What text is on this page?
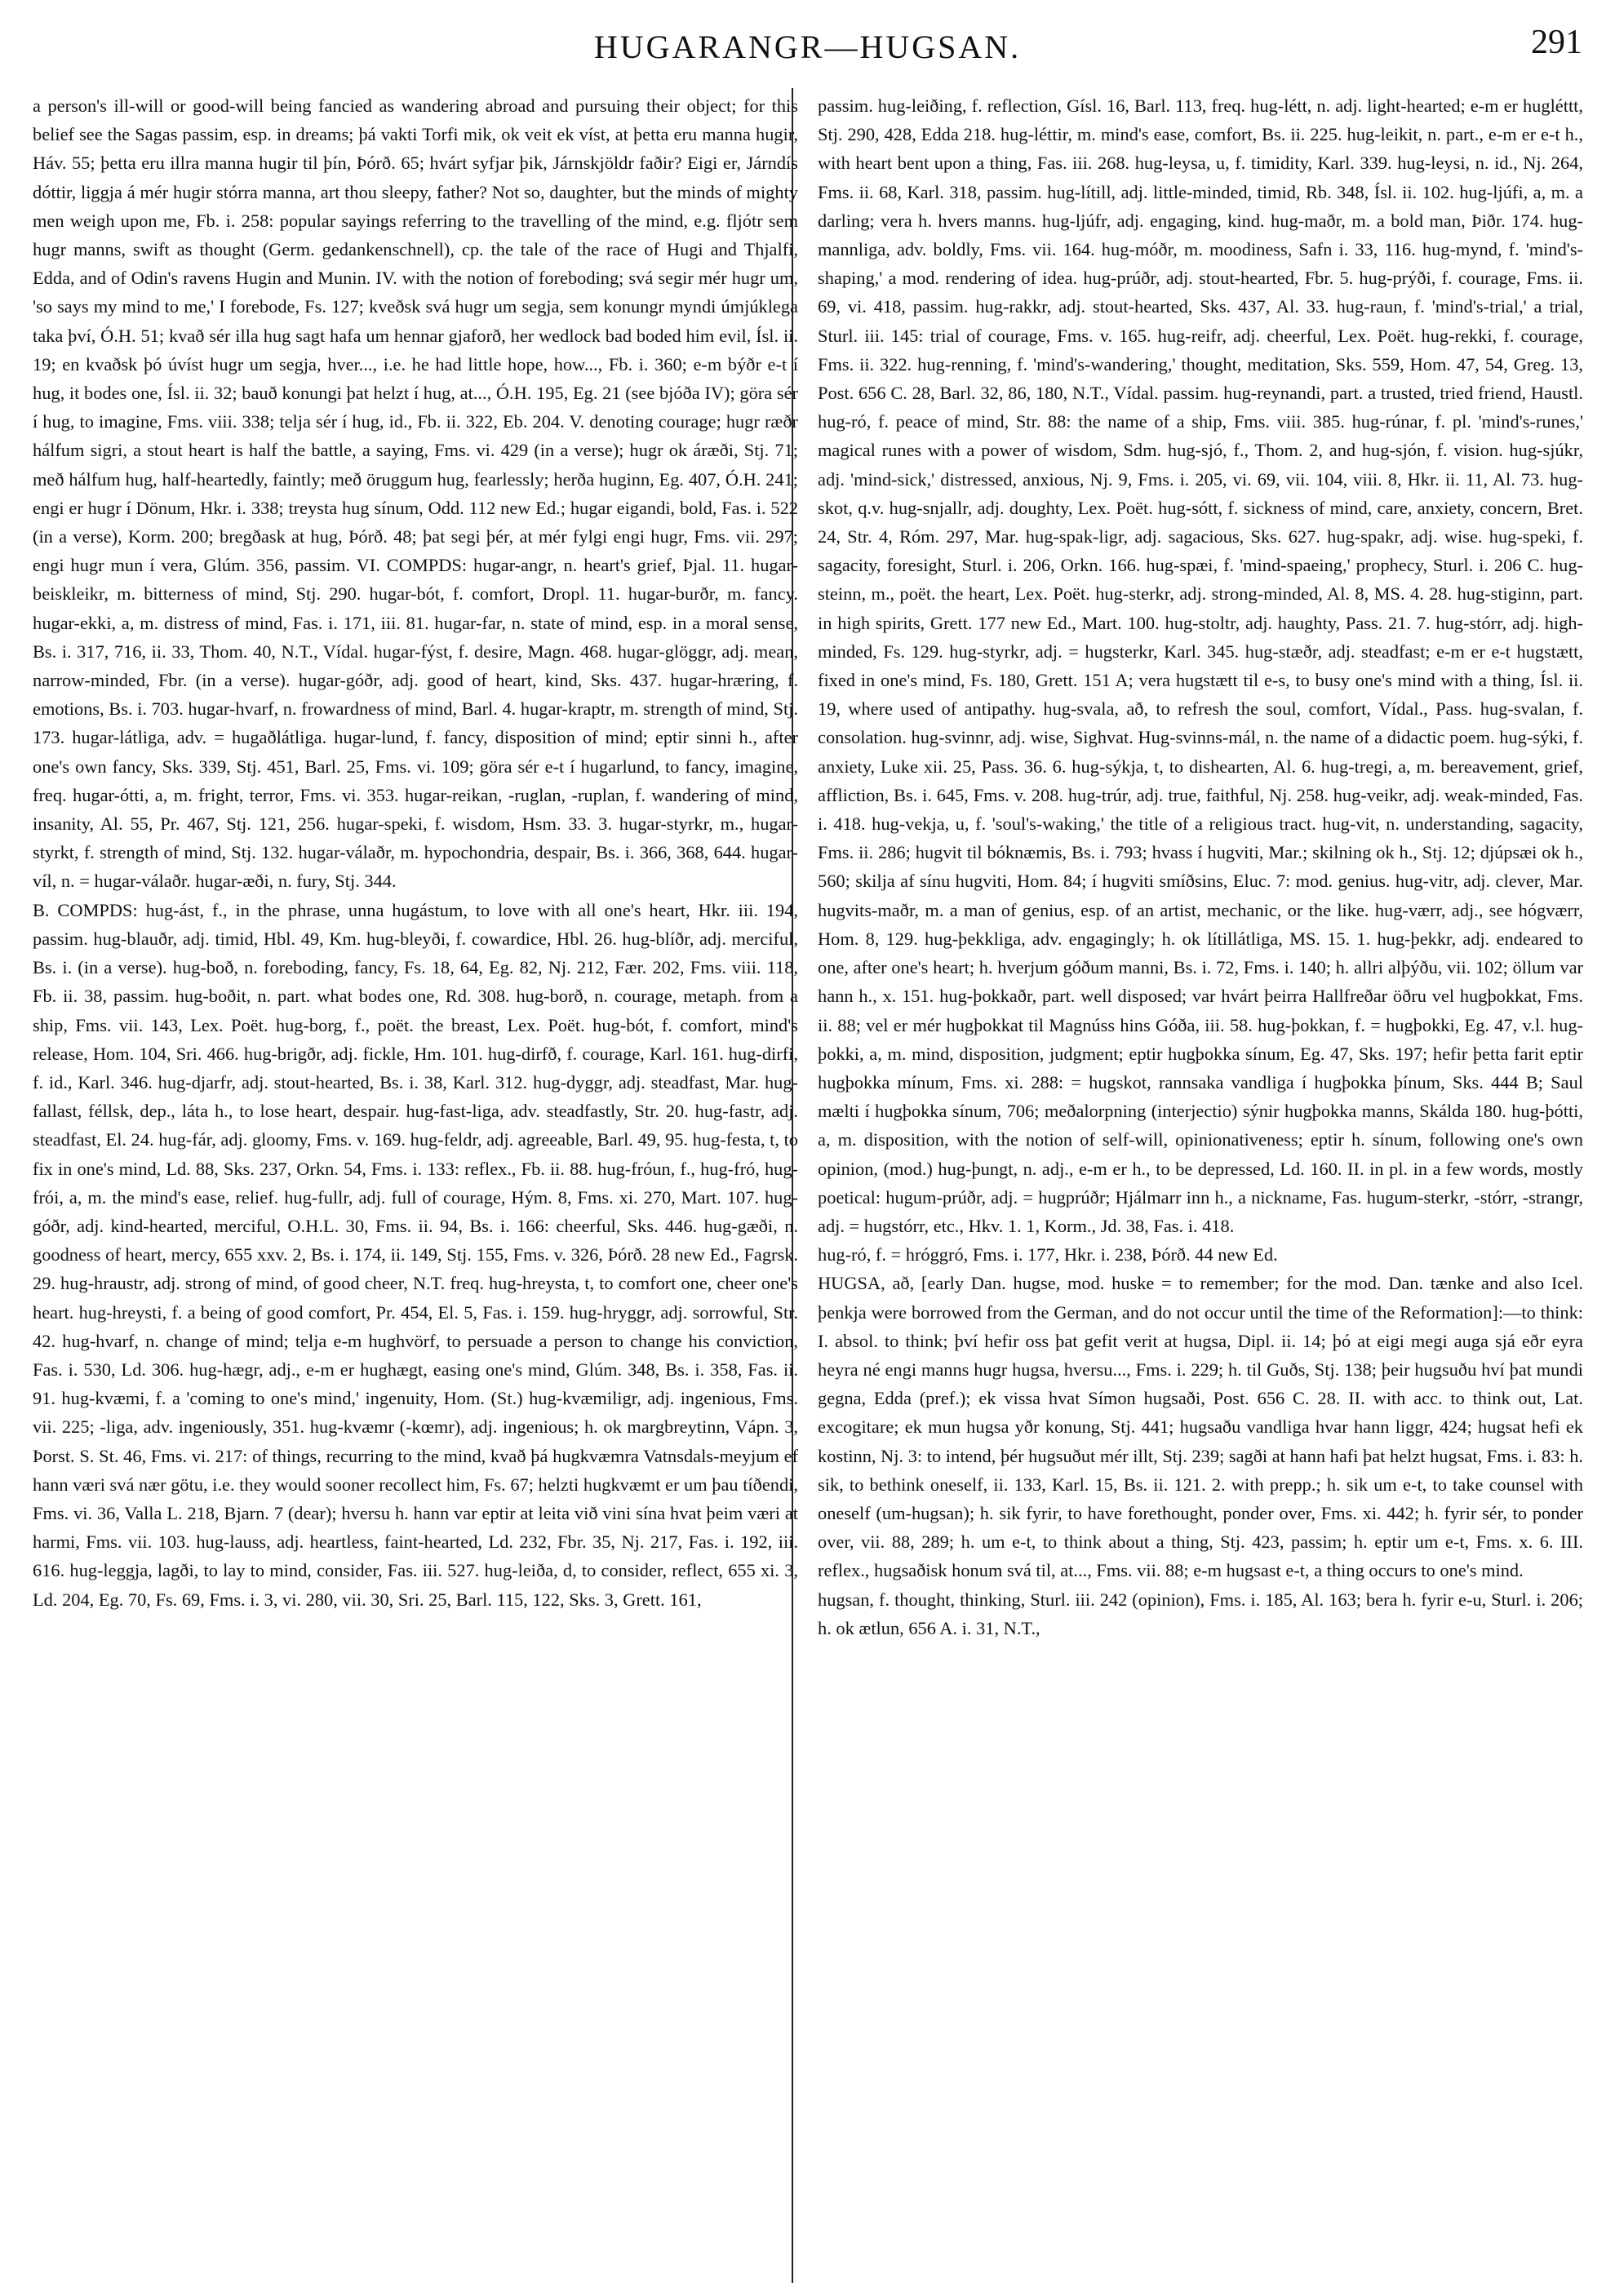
HUGARANGR—HUGSAN.	291

a person's ill-will or good-will being fancied as wandering abroad and pursuing their object; for this belief see the Sagas passim, esp. in dreams; þá vakti Torfi mik, ok veit ek víst, at þetta eru manna hugir, Háv. 55; þetta eru illra manna hugir til þín, Þórð. 65; hvárt syfjar þik, Járnskjöldr faðir? Eigi er, Járndís dóttir, liggja á mér hugir stórra manna, art thou sleepy, father? Not so, daughter, but the minds of mighty men weigh upon me, Fb. i. 258: popular sayings referring to the travelling of the mind, e.g. fljótr sem hugr manns, swift as thought (Germ. gedankenschnell), cp. the tale of the race of Hugi and Thjalfi, Edda, and of Odin's ravens Hugin and Munin. IV. with the notion of foreboding; svá segir mér hugr um, 'so says my mind to me,' I forebode, Fs. 127; kveðsk svá hugr um segja, sem konungr myndi úmjúklega taka því, Ó.H. 51; kvað sér illa hug sagt hafa um hennar gjaforð, her wedlock bad boded him evil, Ísl. ii. 19; en kvaðsk þó úvíst hugr um segja, hver..., i.e. he had little hope, how..., Fb. i. 360; e-m býðr e-t í hug, it bodes one, Ísl. ii. 32; bauð konungi þat helzt í hug, at..., Ó.H. 195, Eg. 21 (see bjóða IV); göra sér í hug, to imagine, Fms. viii. 338; telja sér í hug, id., Fb. ii. 322, Eb. 204. V. denoting courage; hugr ræðr hálfum sigri, a stout heart is half the battle, a saying, Fms. vi. 429 (in a verse); hugr ok áræði, Stj. 71; með hálfum hug, half-heartedly, faintly; með öruggum hug, fearlessly; herða huginn, Eg. 407, Ó.H. 241; engi er hugr í Dönum, Hkr. i. 338; treysta hug sínum, Odd. 112 new Ed.; hugar eigandi, bold, Fas. i. 522 (in a verse), Korm. 200; bregðask at hug, Þórð. 48; þat segi þér, at mér fylgi engi hugr, Fms. vii. 297; engi hugr mun í vera, Glúm. 356, passim. VI. COMPDS: hugar-angr, n. heart's grief, Þjal. 11. hugar-beiskleikr, m. bitterness of mind, Stj. 290. hugar-bót, f. comfort, Dropl. 11. hugar-burðr, m. fancy. hugar-ekki, a, m. distress of mind, Fas. i. 171, iii. 81. hugar-far, n. state of mind, esp. in a moral sense, Bs. i. 317, 716, ii. 33, Thom. 40, N.T., Vídal. hugar-fýst, f. desire, Magn. 468. hugar-glöggr, adj. mean, narrow-minded, Fbr. (in a verse). hugar-góðr, adj. good of heart, kind, Sks. 437. hugar-hræring, f. emotions, Bs. i. 703. hugar-hvarf, n. frowardness of mind, Barl. 4. hugar-kraptr, m. strength of mind, Stj. 173. hugar-látliga, adv. = hugaðlátliga. hugar-lund, f. fancy, disposition of mind; eptir sinni h., after one's own fancy, Sks. 339, Stj. 451, Barl. 25, Fms. vi. 109; göra sér e-t í hugarlund, to fancy, imagine, freq. hugar-ótti, a, m. fright, terror, Fms. vi. 353. hugar-reikan, -ruglan, -ruplan, f. wandering of mind, insanity, Al. 55, Pr. 467, Stj. 121, 256. hugar-speki, f. wisdom, Hsm. 33. 3. hugar-styrkr, m., hugar-styrkt, f. strength of mind, Stj. 132. hugar-válaðr, m. hypochondria, despair, Bs. i. 366, 368, 644. hugar-víl, n. = hugar-válaðr. hugar-æði, n. fury, Stj. 344.

B. COMPDS: hug-ást, f., in the phrase, unna hugástum, to love with all one's heart, Hkr. iii. 194, passim. hug-blauðr, adj. timid, Hbl. 49, Km. hug-bleyði, f. cowardice, Hbl. 26. hug-blíðr, adj. merciful, Bs. i. (in a verse). hug-boð, n. foreboding, fancy, Fs. 18, 64, Eg. 82, Nj. 212, Fær. 202, Fms. viii. 118, Fb. ii. 38, passim. hug-boðit, n. part. what bodes one, Rd. 308. hug-borð, n. courage, metaph. from a ship, Fms. vii. 143, Lex. Poët. hug-borg, f., poët. the breast, Lex. Poët. hug-bót, f. comfort, mind's release, Hom. 104, Sri. 466. hug-brigðr, adj. fickle, Hm. 101. hug-dirfð, f. courage, Karl. 161. hug-dirfi, f. id., Karl. 346. hug-djarfr, adj. stout-hearted, Bs. i. 38, Karl. 312. hug-dyggr, adj. steadfast, Mar. hug-fallast, féllsk, dep., láta h., to lose heart, despair. hug-fast-liga, adv. steadfastly, Str. 20. hug-fastr, adj. steadfast, El. 24. hug-fár, adj. gloomy, Fms. v. 169. hug-feldr, adj. agreeable, Barl. 49, 95. hug-festa, t, to fix in one's mind, Ld. 88, Sks. 237, Orkn. 54, Fms. i. 133: reflex., Fb. ii. 88. hug-fróun, f., hug-fró, hug-frói, a, m. the mind's ease, relief. hug-fullr, adj. full of courage, Hým. 8, Fms. xi. 270, Mart. 107. hug-góðr, adj. kind-hearted, merciful, O.H.L. 30, Fms. ii. 94, Bs. i. 166: cheerful, Sks. 446. hug-gæði, n. goodness of heart, mercy, 655 xxv. 2, Bs. i. 174, ii. 149, Stj. 155, Fms. v. 326, Þórð. 28 new Ed., Fagrsk. 29. hug-hraustr, adj. strong of mind, of good cheer, N.T. freq. hug-hreysta, t, to comfort one, cheer one's heart. hug-hreysti, f. a being of good comfort, Pr. 454, El. 5, Fas. i. 159. hug-hryggr, adj. sorrowful, Str. 42. hug-hvarf, n. change of mind; telja e-m hughvörf, to persuade a person to change his conviction, Fas. i. 530, Ld. 306. hug-hægr, adj., e-m er hughægt, easing one's mind, Glúm. 348, Bs. i. 358, Fas. ii. 91. hug-kvæmi, f. a 'coming to one's mind,' ingenuity, Hom. (St.) hug-kvæmiligr, adj. ingenious, Fms. vii. 225; -liga, adv. ingeniously, 351. hug-kvæmr (-kœmr), adj. ingenious; h. ok margbreytinn, Vápn. 3, Þorst. S. St. 46, Fms. vi. 217: of things, recurring to the mind, kvað þá hugkvæmra Vatnsdals-meyjum ef hann væri svá nær götu, i.e. they would sooner recollect him, Fs. 67; helzti hugkvæmt er um þau tíðendi, Fms. vi. 36, Valla L. 218, Bjarn. 7 (dear); hversu h. hann var eptir at leita við vini sína hvat þeim væri at harmi, Fms. vii. 103. hug-lauss, adj. heartless, faint-hearted, Ld. 232, Fbr. 35, Nj. 217, Fas. i. 192, iii. 616. hug-leggja, lagði, to lay to mind, consider, Fas. iii. 527. hug-leiða, d, to consider, reflect, 655 xi. 3, Ld. 204, Eg. 70, Fs. 69, Fms. i. 3, vi. 280, vii. 30, Sri. 25, Barl. 115, 122, Sks. 3, Grett. 161,

passim. hug-leiðing, f. reflection, Gísl. 16, Barl. 113, freq. hug-létt, n. adj. light-hearted; e-m er hugléttt, Stj. 290, 428, Edda 218. hug-léttir, m. mind's ease, comfort, Bs. ii. 225. hug-leikit, n. part., e-m er e-t h., with heart bent upon a thing, Fas. iii. 268. hug-leysa, u, f. timidity, Karl. 339. hug-leysi, n. id., Nj. 264, Fms. ii. 68, Karl. 318, passim. hug-lítill, adj. little-minded, timid, Rb. 348, Ísl. ii. 102. hug-ljúfi, a, m. a darling; vera h. hvers manns. hug-ljúfr, adj. engaging, kind. hug-maðr, m. a bold man, Þiðr. 174. hug-mannliga, adv. boldly, Fms. vii. 164. hug-móðr, m. moodiness, Safn i. 33, 116. hug-mynd, f. 'mind's-shaping,' a mod. rendering of idea. hug-prúðr, adj. stout-hearted, Fbr. 5. hug-prýði, f. courage, Fms. ii. 69, vi. 418, passim. hug-rakkr, adj. stout-hearted, Sks. 437, Al. 33. hug-raun, f. 'mind's-trial,' a trial, Sturl. iii. 145: trial of courage, Fms. v. 165. hug-reifr, adj. cheerful, Lex. Poët. hug-rekki, f. courage, Fms. ii. 322. hug-renning, f. 'mind's-wandering,' thought, meditation, Sks. 559, Hom. 47, 54, Greg. 13, Post. 656 C. 28, Barl. 32, 86, 180, N.T., Vídal. passim. hug-reynandi, part. a trusted, tried friend, Haustl. hug-ró, f. peace of mind, Str. 88: the name of a ship, Fms. viii. 385. hug-rúnar, f. pl. 'mind's-runes,' magical runes with a power of wisdom, Sdm. hug-sjó, f., Thom. 2, and hug-sjón, f. vision. hug-sjúkr, adj. 'mind-sick,' distressed, anxious, Nj. 9, Fms. i. 205, vi. 69, vii. 104, viii. 8, Hkr. ii. 11, Al. 73. hug-skot, q.v. hug-snjallr, adj. doughty, Lex. Poët. hug-sótt, f. sickness of mind, care, anxiety, concern, Bret. 24, Str. 4, Róm. 297, Mar. hug-spak-ligr, adj. sagacious, Sks. 627. hug-spakr, adj. wise. hug-speki, f. sagacity, foresight, Sturl. i. 206, Orkn. 166. hug-spæi, f. 'mind-spaeing,' prophecy, Sturl. i. 206 C. hug-steinn, m., poët. the heart, Lex. Poët. hug-sterkr, adj. strong-minded, Al. 8, MS. 4. 28. hug-stiginn, part. in high spirits, Grett. 177 new Ed., Mart. 100. hug-stoltr, adj. haughty, Pass. 21. 7. hug-stórr, adj. high-minded, Fs. 129. hug-styrkr, adj. = hugsterkr, Karl. 345. hug-stæðr, adj. steadfast; e-m er e-t hugstætt, fixed in one's mind, Fs. 180, Grett. 151 A; vera hugstætt til e-s, to busy one's mind with a thing, Ísl. ii. 19, where used of antipathy. hug-svala, að, to refresh the soul, comfort, Vídal., Pass. hug-svalan, f. consolation. hug-svinnr, adj. wise, Sighvat. Hug-svinns-mál, n. the name of a didactic poem. hug-sýki, f. anxiety, Luke xii. 25, Pass. 36. 6. hug-sýkja, t, to dishearten, Al. 6. hug-tregi, a, m. bereavement, grief, affliction, Bs. i. 645, Fms. v. 208. hug-trúr, adj. true, faithful, Nj. 258. hug-veikr, adj. weak-minded, Fas. i. 418. hug-vekja, u, f. 'soul's-waking,' the title of a religious tract. hug-vit, n. understanding, sagacity, Fms. ii. 286; hugvit til bóknæmis, Bs. i. 793; hvass í hugviti, Mar.; skilning ok h., Stj. 12; djúpsæi ok h., 560; skilja af sínu hugviti, Hom. 84; í hugviti smíðsins, Eluc. 7: mod. genius. hug-vitr, adj. clever, Mar. hugvits-maðr, m. a man of genius, esp. of an artist, mechanic, or the like. hug-værr, adj., see hógværr, Hom. 8, 129. hug-þekkliga, adv. engagingly; h. ok lítillátliga, MS. 15. 1. hug-þekkr, adj. endeared to one, after one's heart; h. hverjum góðum manni, Bs. i. 72, Fms. i. 140; h. allri alþýðu, vii. 102; öllum var hann h., x. 151. hug-þokkaðr, part. well disposed; var hvárt þeirra Hallfreðar öðru vel hugþokkat, Fms. ii. 88; vel er mér hugþokkat til Magnúss hins Góða, iii. 58. hug-þokkan, f. = hugþokki, Eg. 47, v.l. hug-þokki, a, m. mind, disposition, judgment; eptir hugþokka sínum, Eg. 47, Sks. 197; hefir þetta farit eptir hugþokka mínum, Fms. xi. 288: = hugskot, rannsaka vandliga í hugþokka þínum, Sks. 444 B; Saul mælti í hugþokka sínum, 706; meðalorpning (interjectio) sýnir hugþokka manns, Skálda 180. hug-þótti, a, m. disposition, with the notion of self-will, opinionativeness; eptir h. sínum, following one's own opinion, (mod.) hug-þungt, n. adj., e-m er h., to be depressed, Ld. 160. II. in pl. in a few words, mostly poetical: hugum-prúðr, adj. = hugprúðr; Hjálmarr inn h., a nickname, Fas. hugum-sterkr, -stórr, -strangr, adj. = hugstórr, etc., Hkv. 1. 1, Korm., Jd. 38, Fas. i. 418.

hug-ró, f. = hróggró, Fms. i. 177, Hkr. i. 238, Þórð. 44 new Ed.

HUGSA, að, [early Dan. hugse, mod. huske = to remember; for the mod. Dan. tænke and also Icel. þenkja were borrowed from the German, and do not occur until the time of the Reformation]:—to think: I. absol. to think; því hefir oss þat gefit verit at hugsa, Dipl. ii. 14; þó at eigi megi auga sjá eðr eyra heyra né engi manns hugr hugsa, hversu..., Fms. i. 229; h. til Guðs, Stj. 138; þeir hugsuðu hví þat mundi gegna, Edda (pref.); ek vissa hvat Símon hugsaði, Post. 656 C. 28. II. with acc. to think out, Lat. excogitare; ek mun hugsa yðr konung, Stj. 441; hugsaðu vandliga hvar hann liggr, 424; hugsat hefi ek kostinn, Nj. 3: to intend, þér hugsuðut mér illt, Stj. 239; sagði at hann hafi þat helzt hugsat, Fms. i. 83: h. sik, to bethink oneself, ii. 133, Karl. 15, Bs. ii. 121. 2. with prepp.; h. sik um e-t, to take counsel with oneself (um-hugsan); h. sik fyrir, to have forethought, ponder over, Fms. xi. 442; h. fyrir sér, to ponder over, vii. 88, 289; h. um e-t, to think about a thing, Stj. 423, passim; h. eptir um e-t, Fms. x. 6. III. reflex., hugsaðisk honum svá til, at..., Fms. vii. 88; e-m hugsast e-t, a thing occurs to one's mind.

hugsan, f. thought, thinking, Sturl. iii. 242 (opinion), Fms. i. 185, Al. 163; bera h. fyrir e-u, Sturl. i. 206; h. ok ætlun, 656 A. i. 31, N.T.,
